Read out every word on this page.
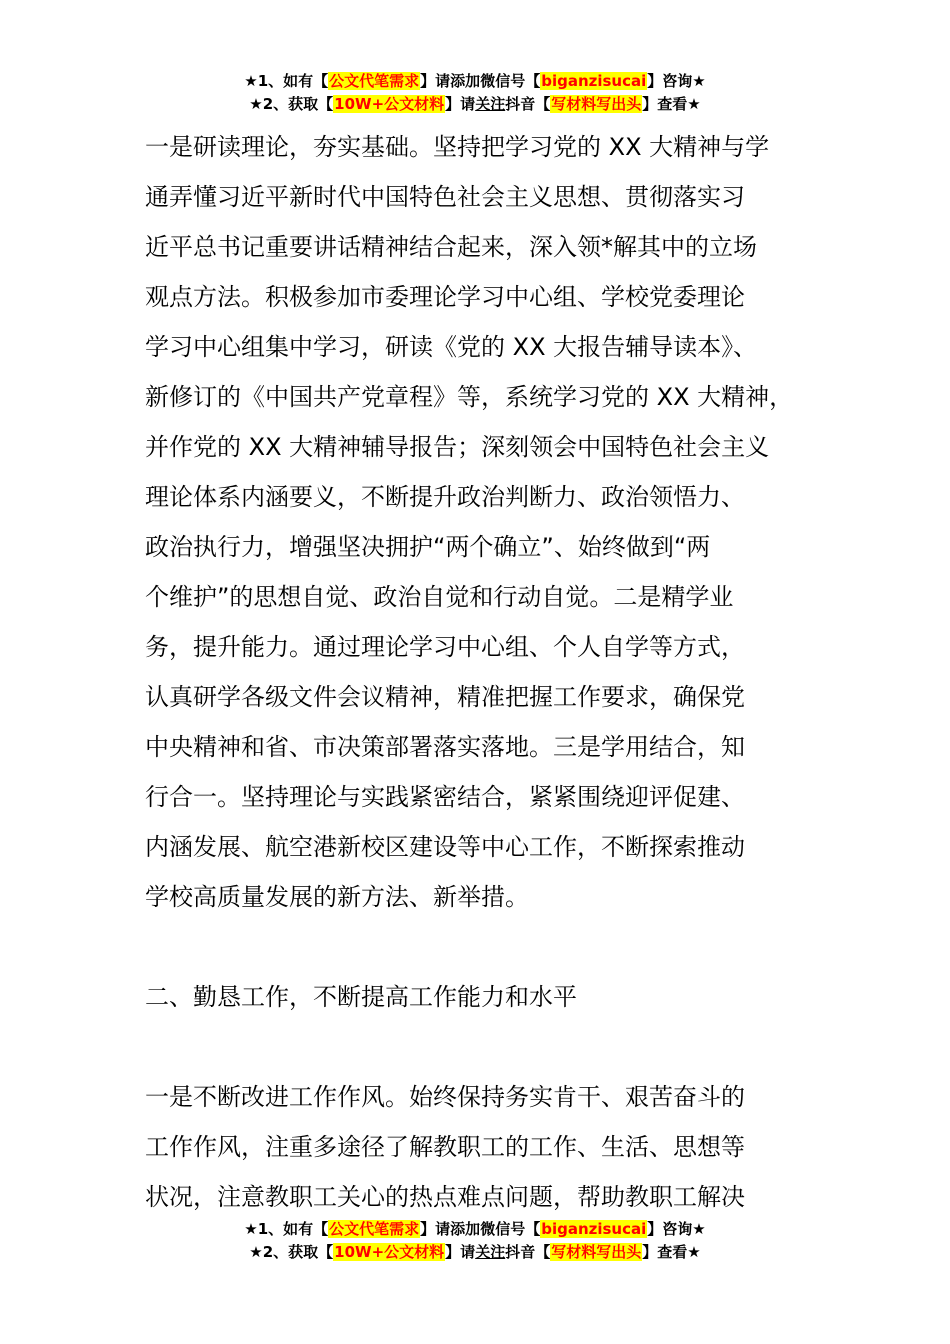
★1、如有【公文代笔需求】请添加微信号【biganzisucai】咨询★
★2、获取【10W+公文材料】请关注抖音【写材料写出头】查看★

一是研读理论，夯实基础。坚持把学习党的 XX 大精神与学
通弄懂习近平新时代中国特色社会主义思想、贯彻落实习
近平总书记重要讲话精神结合起来，深入领*解其中的立场
观点方法。积极参加市委理论学习中心组、学校党委理论
学习中心组集中学习，研读《党的 XX 大报告辅导读本》、
新修订的《中国共产党章程》等，系统学习党的 XX 大精神，
并作党的 XX 大精神辅导报告；深刻领会中国特色社会主义
理论体系内涵要义，不断提升政治判断力、政治领悟力、
政治执行力，增强坚决拥护“两个确立”、始终做到“两
个维护”的思想自觉、政治自觉和行动自觉。二是精学业
务，提升能力。通过理论学习中心组、个人自学等方式，
认真研学各级文件会议精神，精准把握工作要求，确保党
中央精神和省、市决策部署落实落地。三是学用结合，知
行合一。坚持理论与实践紧密结合，紧紧围绕迎评促建、
内涵发展、航空港新校区建设等中心工作，不断探索推动
学校高质量发展的新方法、新举措。

二、勤恳工作，不断提高工作能力和水平

一是不断改进工作作风。始终保持务实肯干、艰苦奋斗的
工作作风，注重多途径了解教职工的工作、生活、思想等
状况，注意教职工关心的热点难点问题，帮助教职工解决

★1、如有【公文代笔需求】请添加微信号【biganzisucai】咨询★
★2、获取【10W+公文材料】请关注抖音【写材料写出头】查看★
